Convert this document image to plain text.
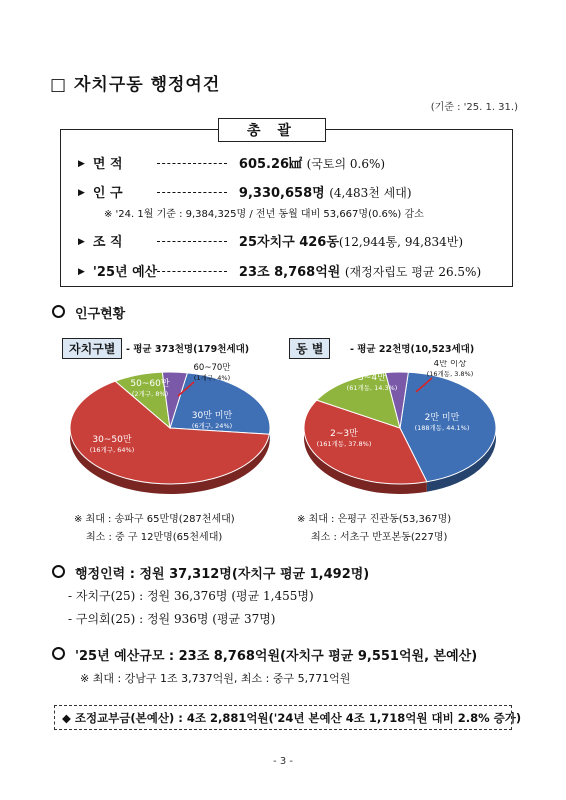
□ 자치구동 행정여건
(기준 : '25. 1. 31.)
총 괄
▶ 면 적	605.26㎢ (국토의 0.6%)
▶ 인 구	9,330,658명 (4,483천 세대)
※ '24. 1월 기준 : 9,384,325명 / 전년 동월 대비 53,667명(0.6%) 감소
▶ 조 직	25자치구 426동(12,944통, 94,834반)
▶ '25년 예산	23조 8,768억원 (재정자립도 평균 26.5%)
인구현황
자치구별	- 평균 373천명(179천세대)	동 별	- 평균 22천명(10,523세대)
30만 미만
(6개구, 24%)
30~50만
(16개구, 64%)
50~60만
(2개구, 8%)
60~70만
(1개구, 4%)
2만 미만
(188개동, 44.1%)
2~3만
(161개동, 37.8%)
3~4만
(61개동, 14.3%)
4만 이상
(16개동, 3.8%)
※ 최대 : 송파구 65만명(287천세대)
최소 : 중 구 12만명(65천세대)
※ 최대 : 은평구 진관동(53,367명)
최소 : 서초구 반포본동(227명)
행정인력 : 정원 37,312명(자치구 평균 1,492명)
- 자치구(25) : 정원 36,376명 (평균 1,455명)
- 구의회(25) : 정원 936명 (평균 37명)
'25년 예산규모 : 23조 8,768억원(자치구 평균 9,551억원, 본예산)
※ 최대 : 강남구 1조 3,737억원, 최소 : 중구 5,771억원
◆ 조정교부금(본예산) : 4조 2,881억원('24년 본예산 4조 1,718억원 대비 2.8% 증가)
- 3 -
